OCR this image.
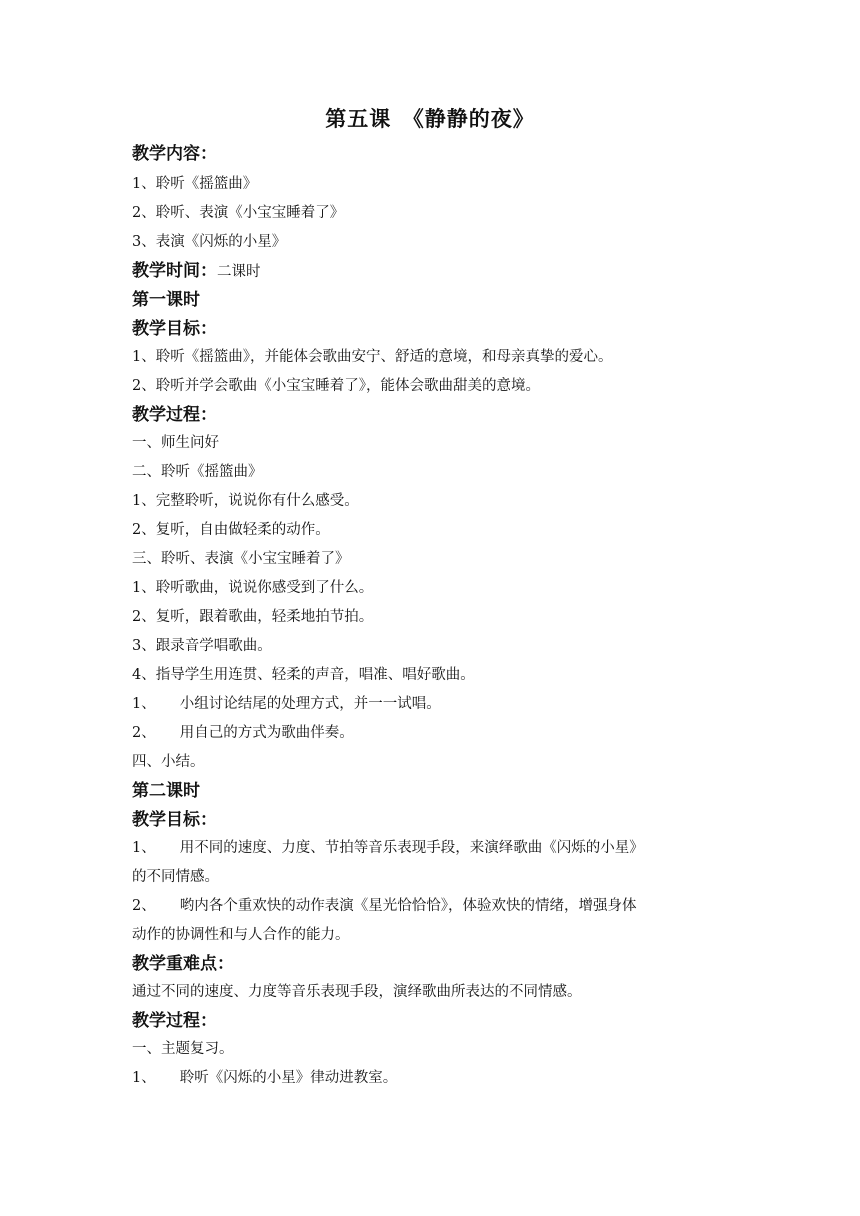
第五课　《静静的夜》
教学内容：
1、聆听《摇篮曲》
2、聆听、表演《小宝宝睡着了》
3、表演《闪烁的小星》
教学时间：二课时
第一课时
教学目标：
1、聆听《摇篮曲》，并能体会歌曲安宁、舒适的意境，和母亲真挚的爱心。
2、聆听并学会歌曲《小宝宝睡着了》，能体会歌曲甜美的意境。
教学过程：
一、师生问好
二、聆听《摇篮曲》
1、完整聆听，说说你有什么感受。
2、复听，自由做轻柔的动作。
三、聆听、表演《小宝宝睡着了》
1、聆听歌曲，说说你感受到了什么。
2、复听，跟着歌曲，轻柔地拍节拍。
3、跟录音学唱歌曲。
4、指导学生用连贯、轻柔的声音，唱准、唱好歌曲。
1、 小组讨论结尾的处理方式，并一一试唱。
2、 用自己的方式为歌曲伴奏。
四、小结。
第二课时
教学目标：
1、 用不同的速度、力度、节拍等音乐表现手段，来演绎歌曲《闪烁的小星》
的不同情感。
2、 哟内各个重欢快的动作表演《星光恰恰恰》，体验欢快的情绪，增强身体
动作的协调性和与人合作的能力。
教学重难点：
通过不同的速度、力度等音乐表现手段，演绎歌曲所表达的不同情感。
教学过程：
一、主题复习。
1、 聆听《闪烁的小星》律动进教室。
